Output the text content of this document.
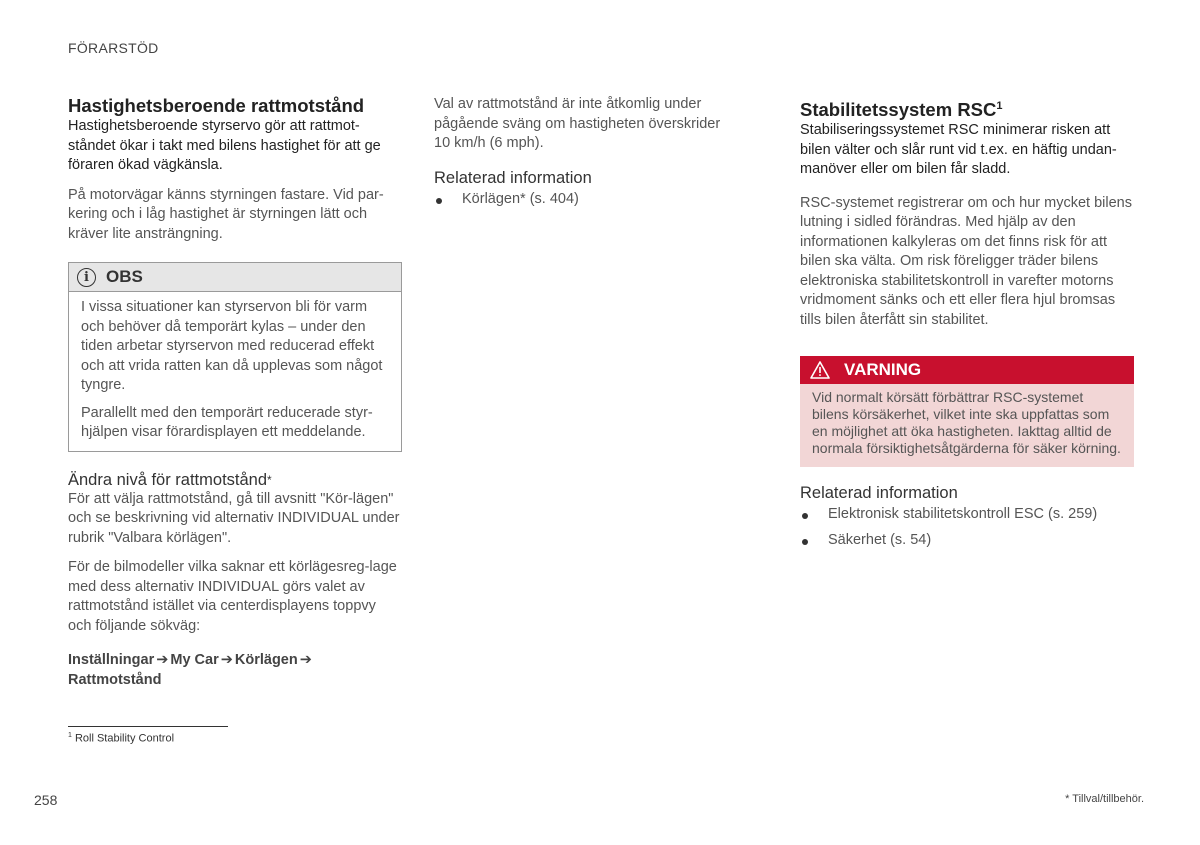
FÖRARSTÖD
Hastighetsberoende rattmotstånd

Hastighetsberoende styrservo gör att rattmot-ståndet ökar i takt med bilens hastighet för att ge föraren ökad vägkänsla.

På motorvägar känns styrningen fastare. Vid par-kering och i låg hastighet är styrningen lätt och kräver lite ansträngning.

i	OBS

I vissa situationer kan styrservon bli för varm och behöver då temporärt kylas – under den tiden arbetar styrservon med reducerad effekt och att vrida ratten kan då upplevas som något tyngre.

Parallellt med den temporärt reducerade styr-hjälpen visar förardisplayen ett meddelande.

Ändra nivå för rattmotstånd*

För att välja rattmotstånd, gå till avsnitt "Kör-lägen" och se beskrivning vid alternativ INDIVIDUAL under rubrik "Valbara körlägen".

För de bilmodeller vilka saknar ett körlägesreg-lage med dess alternativ INDIVIDUAL görs valet av rattmotstånd istället via centerdisplayens toppvy och följande sökväg:

Inställningar ➔ My Car ➔ Körlägen ➔
Rattmotstånd

Val av rattmotstånd är inte åtkomlig under pågående sväng om hastigheten överskrider 10 km/h (6 mph).

Relaterad information
Körlägen* (s. 404)
Stabilitetssystem RSC$^1$

Stabiliseringssystemet RSC minimerar risken att bilen välter och slår runt vid t.ex. en häftig undan-manöver eller om bilen får sladd.

RSC-systemet registrerar om och hur mycket bilens lutning i sidled förändras. Med hjälp av den informationen kalkyleras om det finns risk för att bilen ska välta. Om risk föreligger träder bilens elektroniska stabilitetskontroll in varefter motorns vridmoment sänks och ett eller flera hjul bromsas tills bilen återfått sin stabilitet.

VARNING

Vid normalt körsätt förbättrar RSC-systemet bilens körsäkerhet, vilket inte ska uppfattas som en möjlighet att öka hastigheten. Iakttag alltid de normala försiktighetsåtgärderna för säker körning.

Relaterad information
Elektronisk stabilitetskontroll ESC (s. 259)
Säkerhet (s. 54)
$^1$ Roll Stability Control
258	* Tillval/tillbehör.
